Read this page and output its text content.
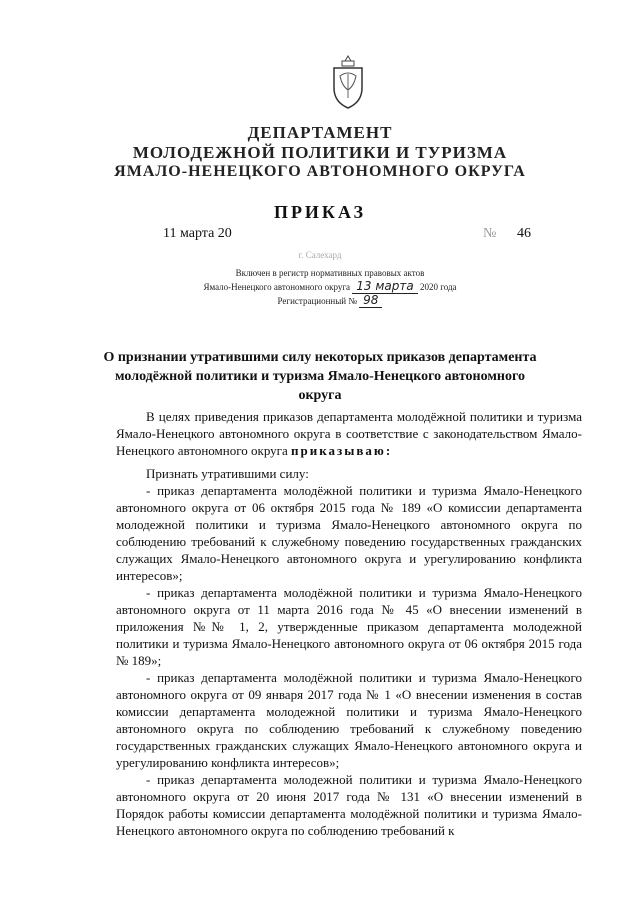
ДЕПАРТАМЕНТ
МОЛОДЕЖНОЙ ПОЛИТИКИ И ТУРИЗМА
ЯМАЛО-НЕНЕЦКОГО АВТОНОМНОГО ОКРУГА
ПРИКАЗ
11 марта 20	№ 46
г. Салехард
Включен в регистр нормативных правовых актов
Ямало-Ненецкого автономного округа 13 марта 2020 года
Регистрационный № 98
О признании утратившими силу некоторых приказов департамента молодёжной политики и туризма Ямало-Ненецкого автономного округа

В целях приведения приказов департамента молодёжной политики и туризма Ямало-Ненецкого автономного округа в соответствие с законодательством Ямало-Ненецкого автономного округа приказываю:

Признать утратившими силу:

- приказ департамента молодёжной политики и туризма Ямало-Ненецкого автономного округа от 06 октября 2015 года № 189 «О комиссии департамента молодежной политики и туризма Ямало-Ненецкого автономного округа по соблюдению требований к служебному поведению государственных гражданских служащих Ямало-Ненецкого автономного округа и урегулированию конфликта интересов»;

- приказ департамента молодёжной политики и туризма Ямало-Ненецкого автономного округа от 11 марта 2016 года № 45 «О внесении изменений в приложения №№ 1, 2, утвержденные приказом департамента молодежной политики и туризма Ямало-Ненецкого автономного округа от 06 октября 2015 года № 189»;

- приказ департамента молодёжной политики и туризма Ямало-Ненецкого автономного округа от 09 января 2017 года № 1 «О внесении изменения в состав комиссии департамента молодежной политики и туризма Ямало-Ненецкого автономного округа по соблюдению требований к служебному поведению государственных гражданских служащих Ямало-Ненецкого автономного округа и урегулированию конфликта интересов»;

- приказ департамента молодежной политики и туризма Ямало-Ненецкого автономного округа от 20 июня 2017 года № 131 «О внесении изменений в Порядок работы комиссии департамента молодёжной политики и туризма Ямало-Ненецкого автономного округа по соблюдению требований к
